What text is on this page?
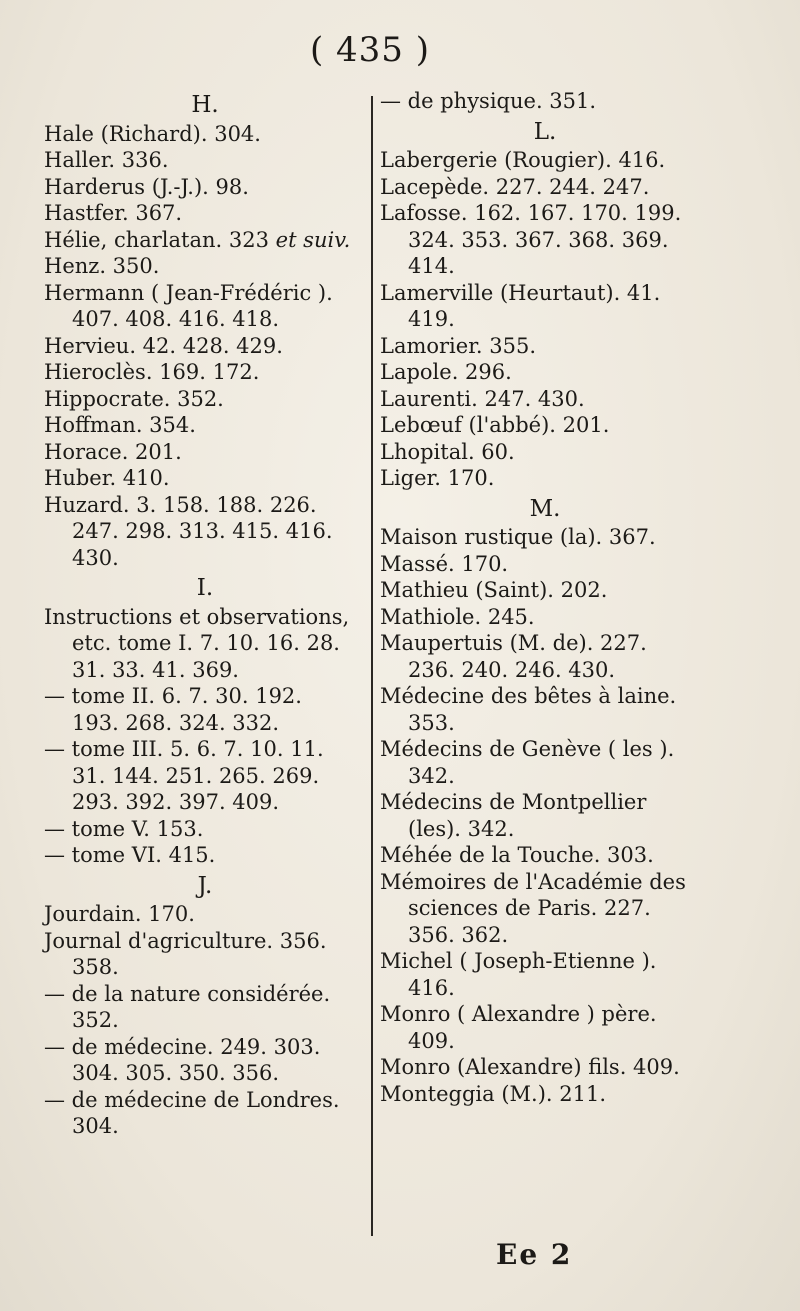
( 435 )
H.
Hale (Richard). 304.
Haller. 336.
Harderus (J.-J.). 98.
Hastfer. 367.
Hélie, charlatan. 323 et suiv.
Henz. 350.
Hermann ( Jean-Frédéric ).
407. 408. 416. 418.
Hervieu. 42. 428. 429.
Hieroclès. 169. 172.
Hippocrate. 352.
Hoffman. 354.
Horace. 201.
Huber. 410.
Huzard. 3. 158. 188. 226.
247. 298. 313. 415. 416.
430.
I.
Instructions et observations,
etc. tome I. 7. 10. 16. 28.
31. 33. 41. 369.
— tome II. 6. 7. 30. 192.
193. 268. 324. 332.
— tome III. 5. 6. 7. 10. 11.
31. 144. 251. 265. 269.
293. 392. 397. 409.
— tome V. 153.
— tome VI. 415.
J.
Jourdain. 170.
Journal d'agriculture. 356.
358.
— de la nature considérée.
352.
— de médecine. 249. 303.
304. 305. 350. 356.
— de médecine de Londres.
304.
— de physique. 351.
L.
Labergerie (Rougier). 416.
Lacepède. 227. 244. 247.
Lafosse. 162. 167. 170. 199.
324. 353. 367. 368. 369.
414.
Lamerville (Heurtaut). 41.
419.
Lamorier. 355.
Lapole. 296.
Laurenti. 247. 430.
Lebœuf (l'abbé). 201.
Lhopital. 60.
Liger. 170.
M.
Maison rustique (la). 367.
Massé. 170.
Mathieu (Saint). 202.
Mathiole. 245.
Maupertuis (M. de). 227.
236. 240. 246. 430.
Médecine des bêtes à laine.
353.
Médecins de Genève ( les ).
342.
Médecins de Montpellier
(les). 342.
Méhée de la Touche. 303.
Mémoires de l'Académie des
sciences de Paris. 227.
356. 362.
Michel ( Joseph-Etienne ).
416.
Monro ( Alexandre ) père.
409.
Monro (Alexandre) fils. 409.
Monteggia (M.). 211.
Ee 2
